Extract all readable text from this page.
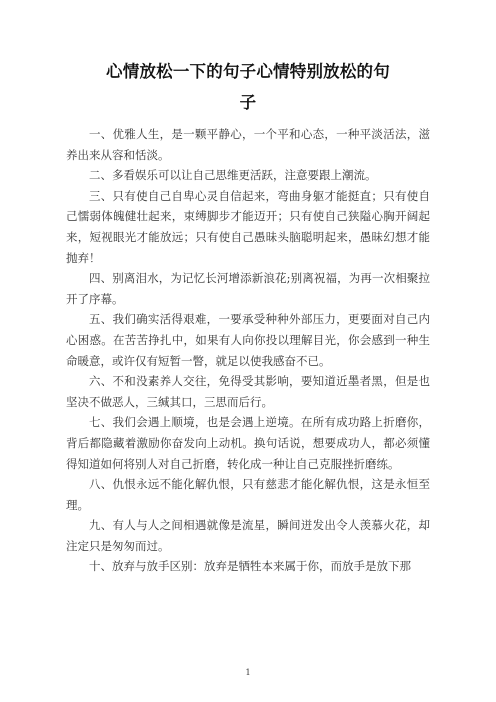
心情放松一下的句子心情特别放松的句
子

一、优雅人生，是一颗平静心，一个平和心态，一种平淡活法，滋养出来从容和恬淡。

二、多看娱乐可以让自己思维更活跃，注意要跟上潮流。

三、只有使自己自卑心灵自信起来，弯曲身躯才能挺直；只有使自己懦弱体魄健壮起来，束缚脚步才能迈开；只有使自己狭隘心胸开阔起来，短视眼光才能放远；只有使自己愚昧头脑聪明起来，愚昧幻想才能抛弃！

四、别离泪水，为记忆长河增添新浪花;别离祝福，为再一次相聚拉开了序幕。

五、我们确实活得艰难，一要承受种种外部压力，更要面对自己内心困惑。在苦苦挣扎中，如果有人向你投以理解目光，你会感到一种生命暖意，或许仅有短暂一瞥，就足以使我感奋不已。

六、不和没素养人交往，免得受其影响，要知道近墨者黑，但是也坚决不做恶人，三缄其口，三思而后行。

七、我们会遇上顺境，也是会遇上逆境。在所有成功路上折磨你，背后都隐藏着激励你奋发向上动机。换句话说，想要成功人，都必须懂得知道如何将别人对自己折磨，转化成一种让自己克服挫折磨练。

八、仇恨永远不能化解仇恨，只有慈悲才能化解仇恨，这是永恒至理。

九、有人与人之间相遇就像是流星，瞬间迸发出令人羡慕火花，却注定只是匆匆而过。

十、放弃与放手区别：放弃是牺牲本来属于你，而放手是放下那

1
